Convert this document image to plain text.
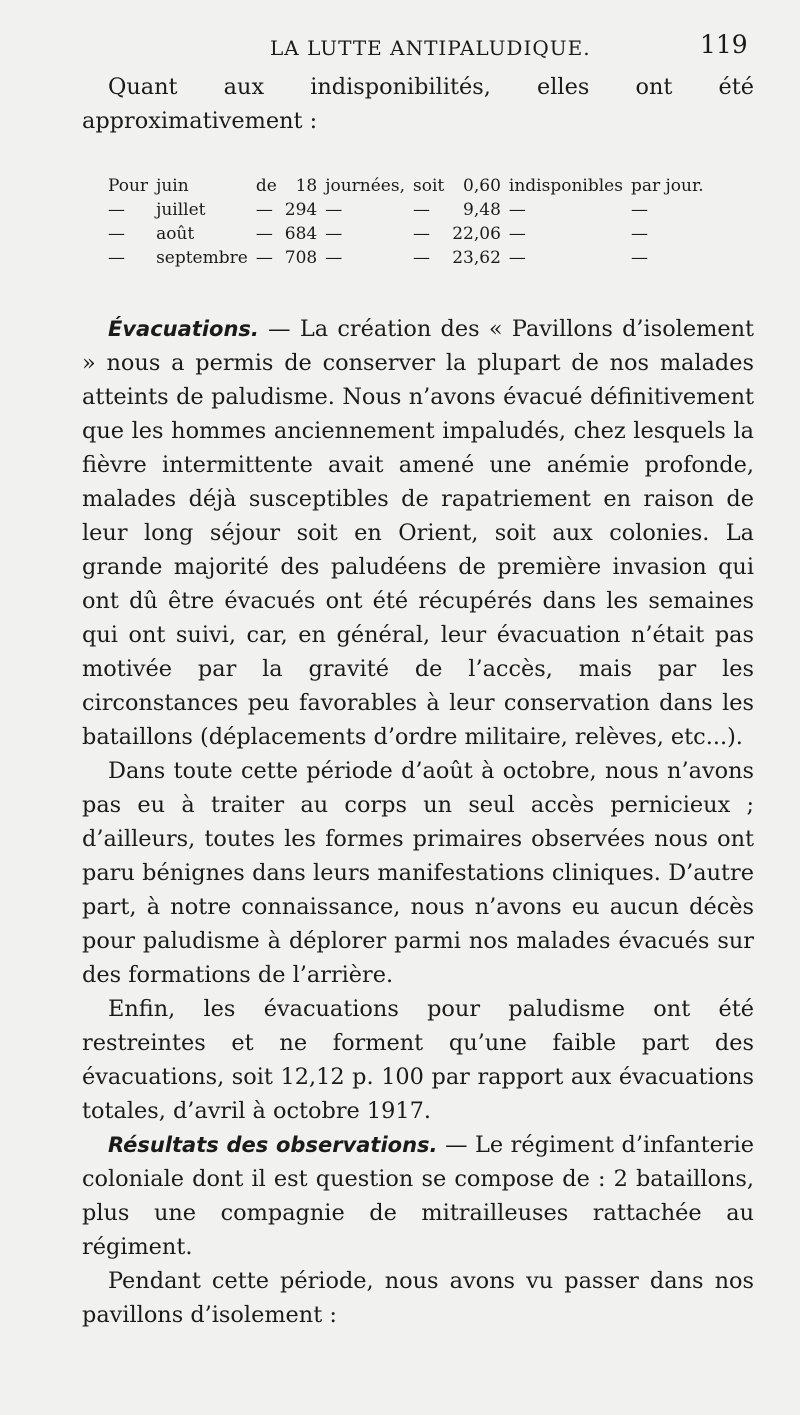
LA LUTTE ANTIPALUDIQUE.	119

Quant aux indisponibilités, elles ont été approximativement :

Pour	juin	de	18	journées,	soit	0,60	indisponibles	par jour.
—	juillet	—	294	—	—	9,48	—	—
—	août	—	684	—	—	22,06	—	—
—	septembre	—	708	—	—	23,62	—	—

Évacuations. — La création des « Pavillons d’isolement » nous a permis de conserver la plupart de nos malades atteints de paludisme. Nous n’avons évacué définitivement que les hommes anciennement impaludés, chez lesquels la fièvre intermittente avait amené une anémie profonde, malades déjà susceptibles de rapatriement en raison de leur long séjour soit en Orient, soit aux colonies. La grande majorité des paludéens de première invasion qui ont dû être évacués ont été récupérés dans les semaines qui ont suivi, car, en général, leur évacuation n’était pas motivée par la gravité de l’accès, mais par les circonstances peu favorables à leur conservation dans les bataillons (déplacements d’ordre militaire, relèves, etc...).

Dans toute cette période d’août à octobre, nous n’avons pas eu à traiter au corps un seul accès pernicieux ; d’ailleurs, toutes les formes primaires observées nous ont paru bénignes dans leurs manifestations cliniques. D’autre part, à notre connaissance, nous n’avons eu aucun décès pour paludisme à déplorer parmi nos malades évacués sur des formations de l’arrière.

Enfin, les évacuations pour paludisme ont été restreintes et ne forment qu’une faible part des évacuations, soit 12,12 p. 100 par rapport aux évacuations totales, d’avril à octobre 1917.

Résultats des observations. — Le régiment d’infanterie coloniale dont il est question se compose de : 2 bataillons, plus une compagnie de mitrailleuses rattachée au régiment.

Pendant cette période, nous avons vu passer dans nos pavillons d’isolement :
